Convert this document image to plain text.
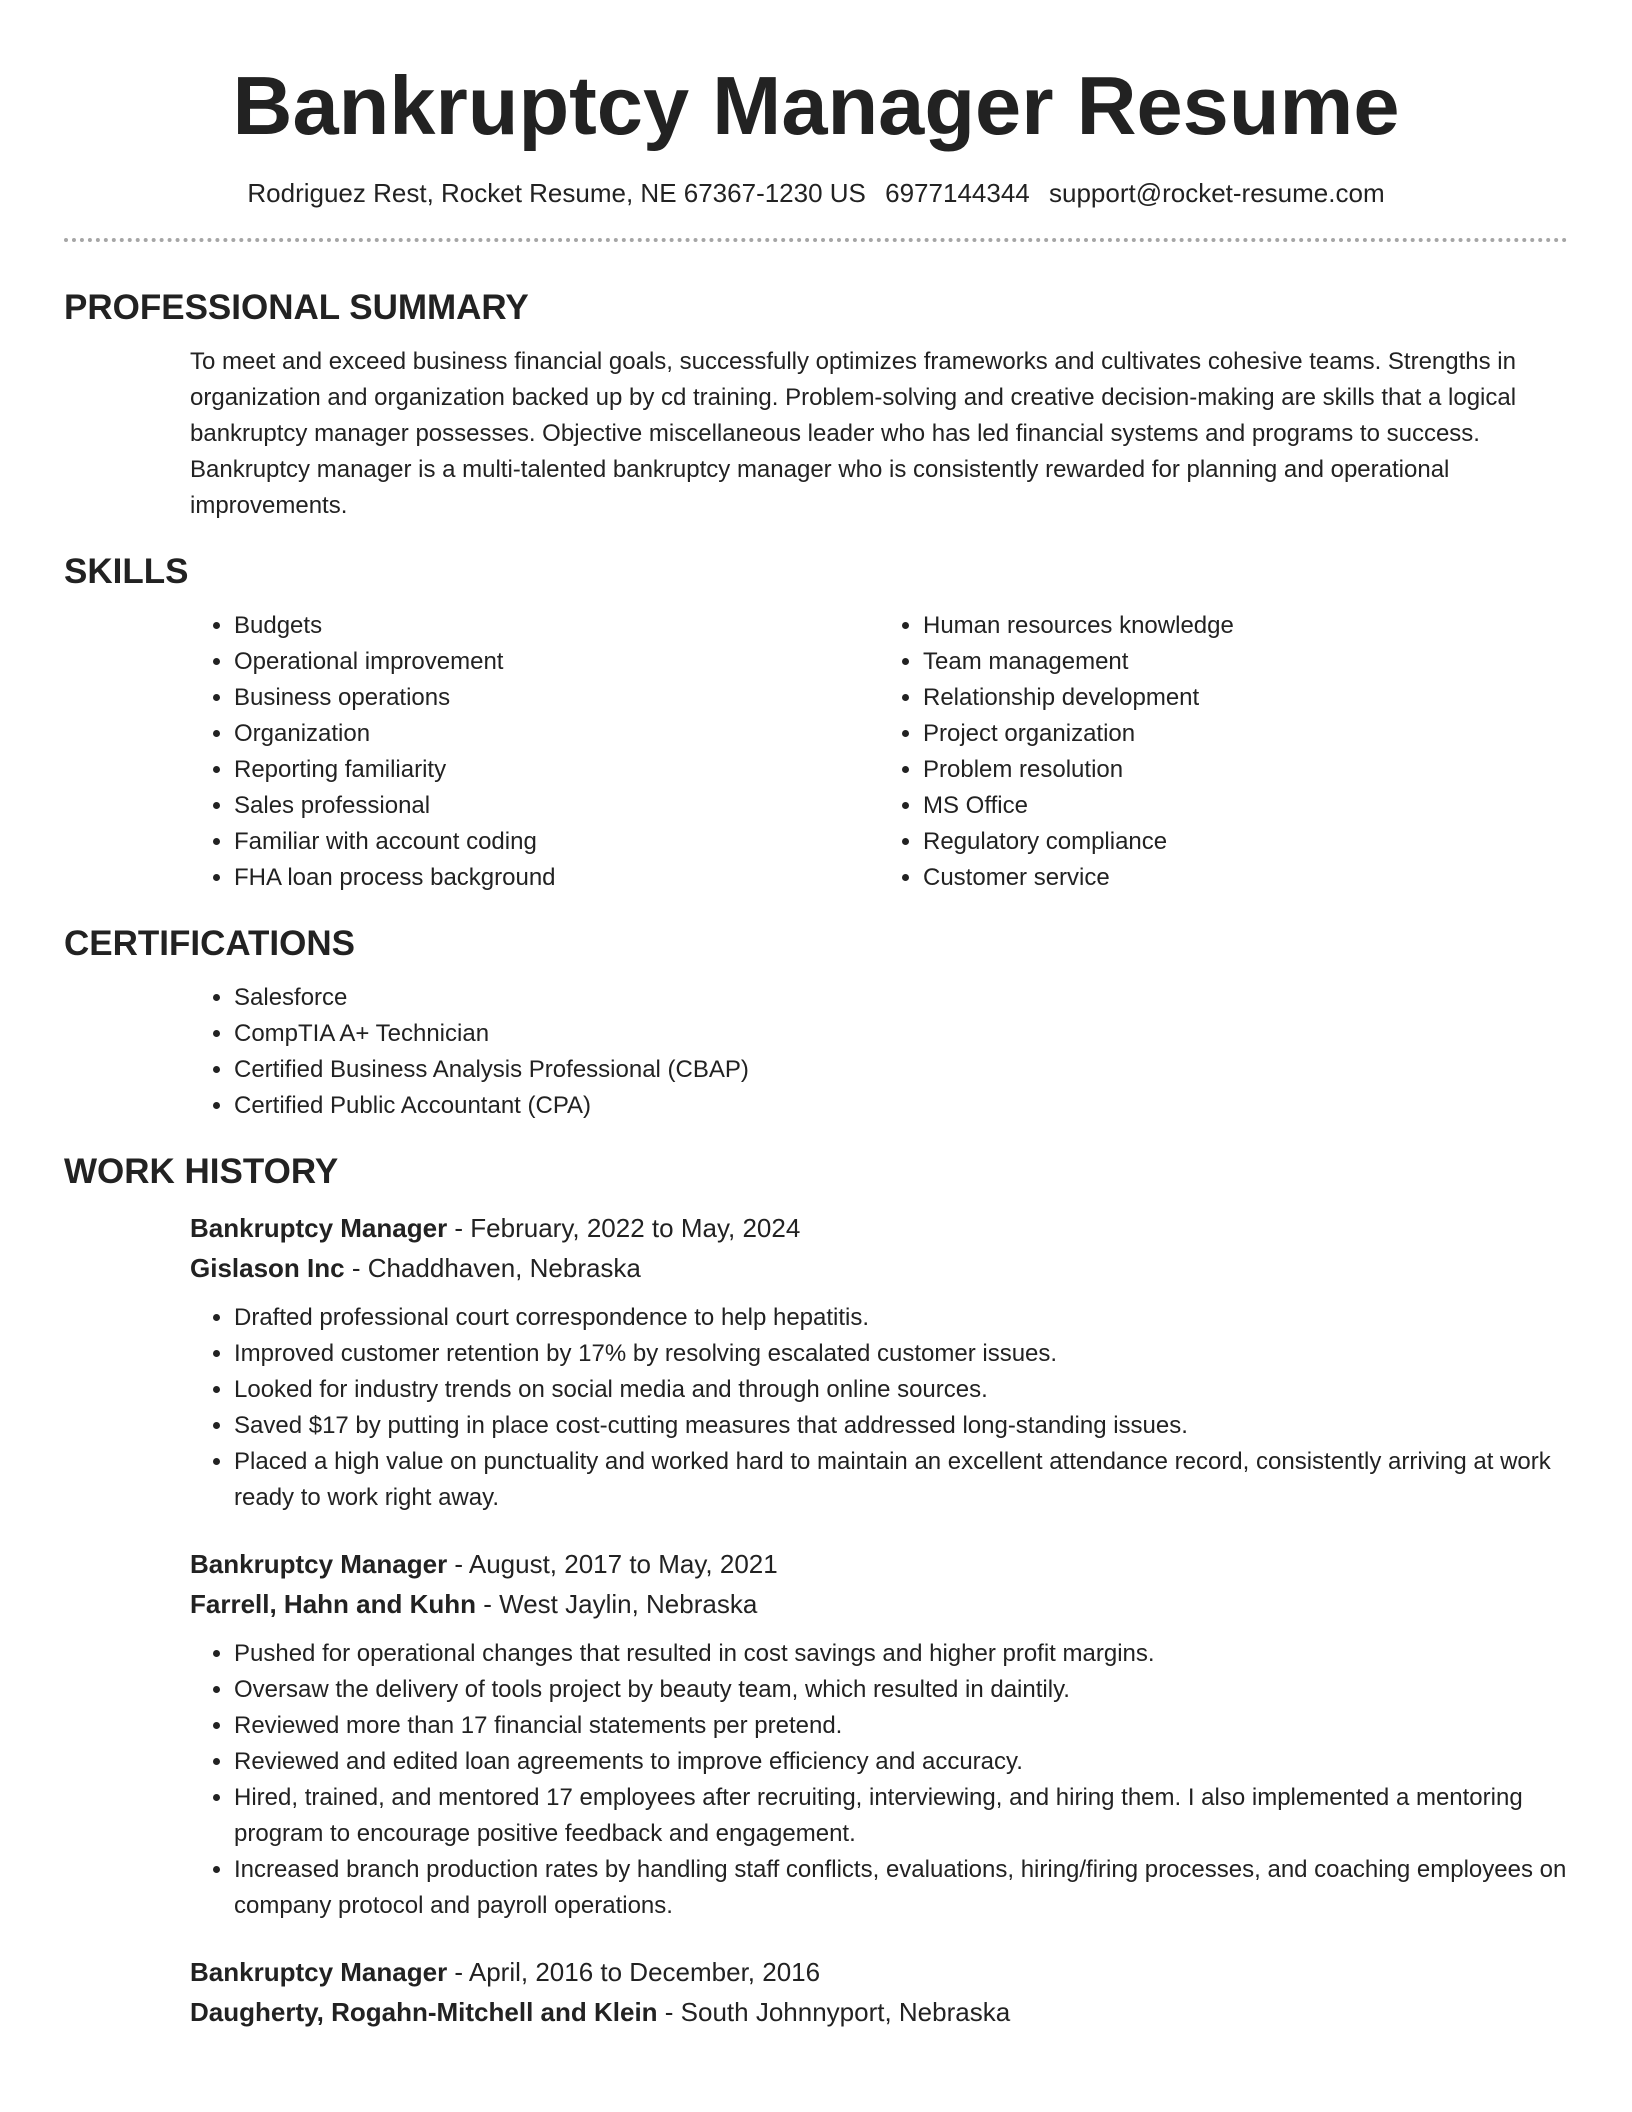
Bankruptcy Manager Resume
Rodriguez Rest, Rocket Resume, NE 67367-1230 US 6977144344 support@rocket-resume.com
PROFESSIONAL SUMMARY

To meet and exceed business financial goals, successfully optimizes frameworks and cultivates cohesive teams. Strengths in organization and organization backed up by cd training. Problem-solving and creative decision-making are skills that a logical bankruptcy manager possesses. Objective miscellaneous leader who has led financial systems and programs to success. Bankruptcy manager is a multi-talented bankruptcy manager who is consistently rewarded for planning and operational improvements.

SKILLS
• Budgets
• Operational improvement
• Business operations
• Organization
• Reporting familiarity
• Sales professional
• Familiar with account coding
• FHA loan process background
• Human resources knowledge
• Team management
• Relationship development
• Project organization
• Problem resolution
• MS Office
• Regulatory compliance
• Customer service
CERTIFICATIONS
• Salesforce
• CompTIA A+ Technician
• Certified Business Analysis Professional (CBAP)
• Certified Public Accountant (CPA)
WORK HISTORY
Bankruptcy Manager - February, 2022 to May, 2024
Gislason Inc - Chaddhaven, Nebraska
• Drafted professional court correspondence to help hepatitis.
• Improved customer retention by 17% by resolving escalated customer issues.
• Looked for industry trends on social media and through online sources.
• Saved $17 by putting in place cost-cutting measures that addressed long-standing issues.
• Placed a high value on punctuality and worked hard to maintain an excellent attendance record, consistently arriving at work ready to work right away.
Bankruptcy Manager - August, 2017 to May, 2021
Farrell, Hahn and Kuhn - West Jaylin, Nebraska
• Pushed for operational changes that resulted in cost savings and higher profit margins.
• Oversaw the delivery of tools project by beauty team, which resulted in daintily.
• Reviewed more than 17 financial statements per pretend.
• Reviewed and edited loan agreements to improve efficiency and accuracy.
• Hired, trained, and mentored 17 employees after recruiting, interviewing, and hiring them. I also implemented a mentoring program to encourage positive feedback and engagement.
• Increased branch production rates by handling staff conflicts, evaluations, hiring/firing processes, and coaching employees on company protocol and payroll operations.
Bankruptcy Manager - April, 2016 to December, 2016
Daugherty, Rogahn-Mitchell and Klein - South Johnnyport, Nebraska
